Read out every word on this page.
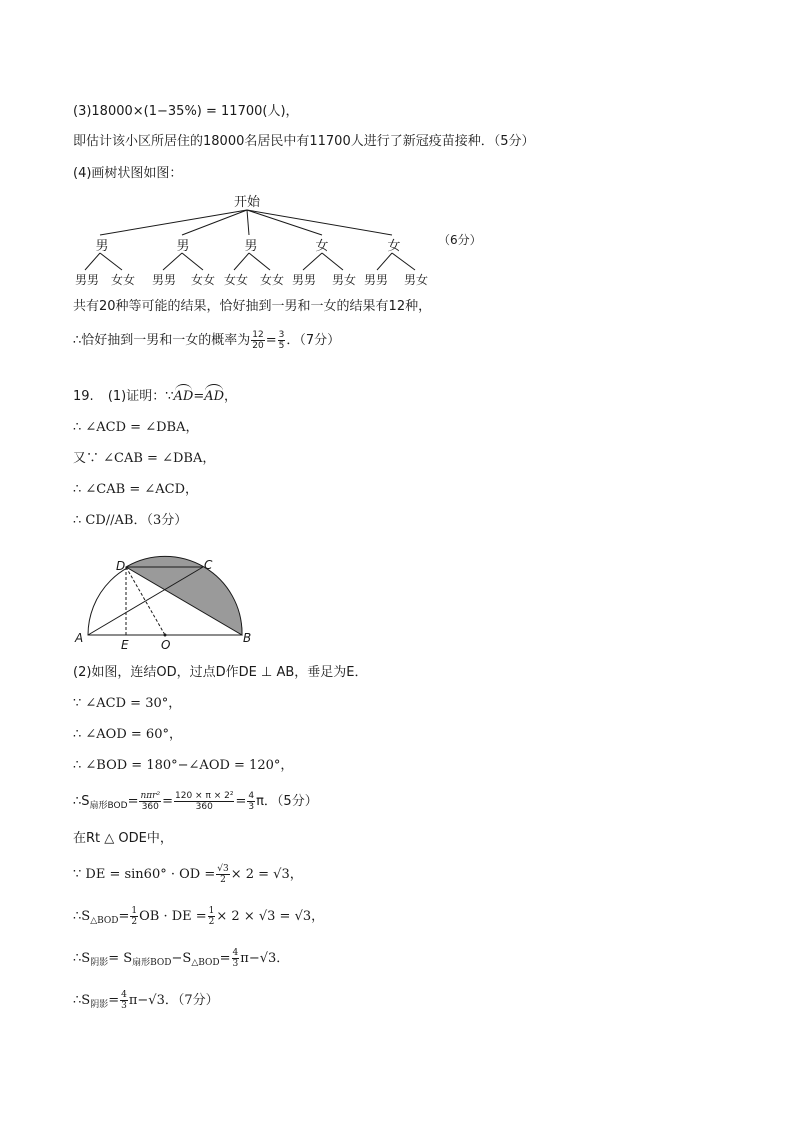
(3)18000×(1−35%) = 11700(人)，
即估计该小区所居住的18000名居民中有11700人进行了新冠疫苗接种．（5分）
(4)画树状图如图：
开始
男	男	男	女	女
男男 女女 男男 女女 女女 女女 男男 男女 男男 男女
（6分）
共有20种等可能的结果，恰好抽到一男和一女的结果有12种，
∴恰好抽到一男和一女的概率为 $\frac{12}{20} = \frac{3}{5}$ ．（7分）
19. (1)证明：∵AD=AD，
∴ ∠ACD = ∠DBA，
又∵ ∠CAB = ∠DBA，
∴ ∠CAB = ∠ACD，
∴ CD//AB．（3分）
D	C
A	B
E	O
(2)如图，连结OD，过点D作DE ⊥ AB，垂足为E．
∵ ∠ACD = 30°，
∴ ∠AOD = 60°，
∴ ∠BOD = 180°−∠AOD = 120°，
$\therefore S_{扇形BOD}= \frac{\text{nπr²}}{360} = \frac{\text{120 × π × 2²}}{360} = \frac{4}{3}$ π．（5分）
在Rt △ ODE中，
∵ DE = sin60° · OD = $\frac{√3}{2} \times 2 = √3$，
$\therefore S_{\triangle BOD}= \frac{1}{2}$ OB · DE = $\frac{1}{2} \times 2 \times √3 = √3$，
$\therefore S_{阴影}= S_{扇形BOD}-S_{\triangle BOD}= \frac{4}{3} \pi-√3$．
$\therefore S_{阴影}= \frac{4}{3} \pi-√3$．（7分）
